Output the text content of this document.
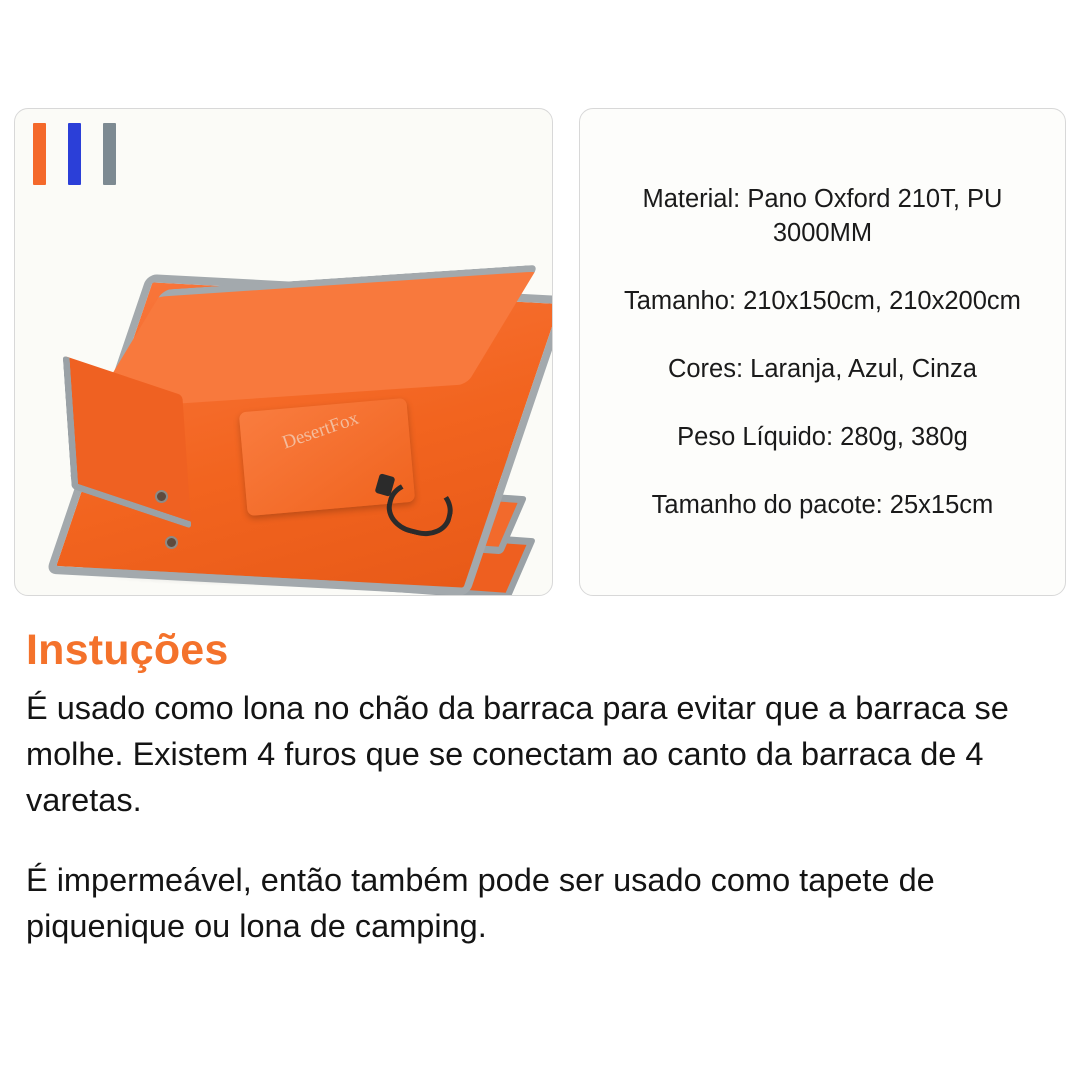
DesertFox
Material: Pano Oxford 210T, PU 3000MM
Tamanho: 210x150cm, 210x200cm
Cores: Laranja, Azul, Cinza
Peso Líquido: 280g, 380g
Tamanho do pacote: 25x15cm
Instuções

É usado como lona no chão da barraca para evitar que a barraca se molhe. Existem 4 furos que se conectam ao canto da barraca de 4 varetas.

É impermeável, então também pode ser usado como tapete de piquenique ou lona de camping.
